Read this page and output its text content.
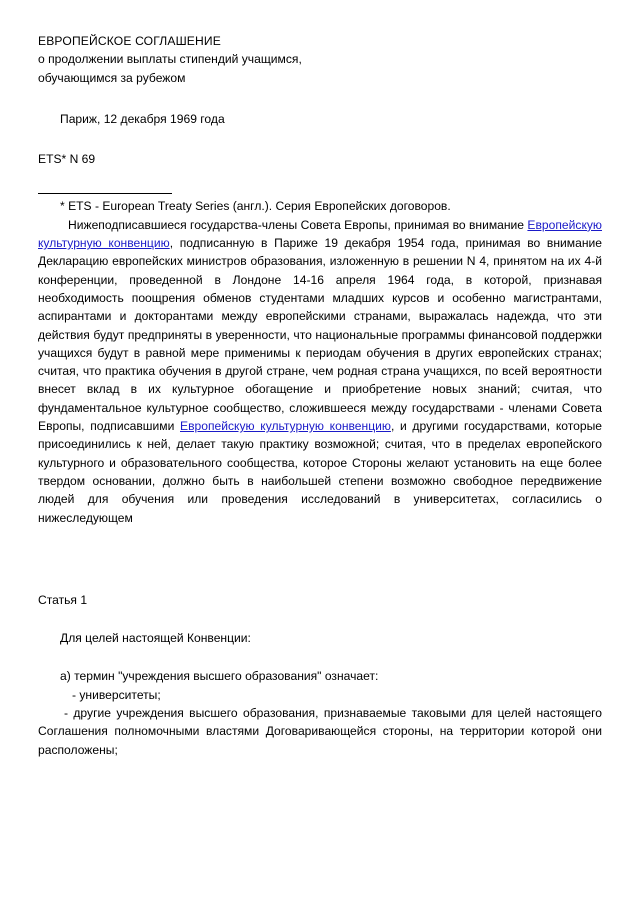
ЕВРОПЕЙСКОЕ СОГЛАШЕНИЕ
о продолжении выплаты стипендий учащимся,
обучающимся за рубежом
Париж, 12 декабря 1969 года
ETS* N 69
* ETS - European Treaty Series (англ.). Серия Европейских договоров.
Нижеподписавшиеся государства-члены Совета Европы, принимая во внимание Европейскую культурную конвенцию, подписанную в Париже 19 декабря 1954 года, принимая во внимание Декларацию европейских министров образования, изложенную в решении N 4, принятом на их 4-й конференции, проведенной в Лондоне 14-16 апреля 1964 года, в которой, признавая необходимость поощрения обменов студентами младших курсов и особенно магистрантами, аспирантами и докторантами между европейскими странами, выражалась надежда, что эти действия будут предприняты в уверенности, что национальные программы финансовой поддержки учащихся будут в равной мере применимы к периодам обучения в других европейских странах; считая, что практика обучения в другой стране, чем родная страна учащихся, по всей вероятности внесет вклад в их культурное обогащение и приобретение новых знаний; считая, что фундаментальное культурное сообщество, сложившееся между государствами - членами Совета Европы, подписавшими Европейскую культурную конвенцию, и другими государствами, которые присоединились к ней, делает такую практику возможной; считая, что в пределах европейского культурного и образовательного сообщества, которое Стороны желают установить на еще более твердом основании, должно быть в наибольшей степени возможно свободное передвижение людей для обучения или проведения исследований в университетах, согласились о нижеследующем
Статья 1
Для целей настоящей Конвенции:
а) термин "учреждения высшего образования" означает:
- университеты;
- другие учреждения высшего образования, признаваемые таковыми для целей настоящего Соглашения полномочными властями Договаривающейся стороны, на территории которой они расположены;
